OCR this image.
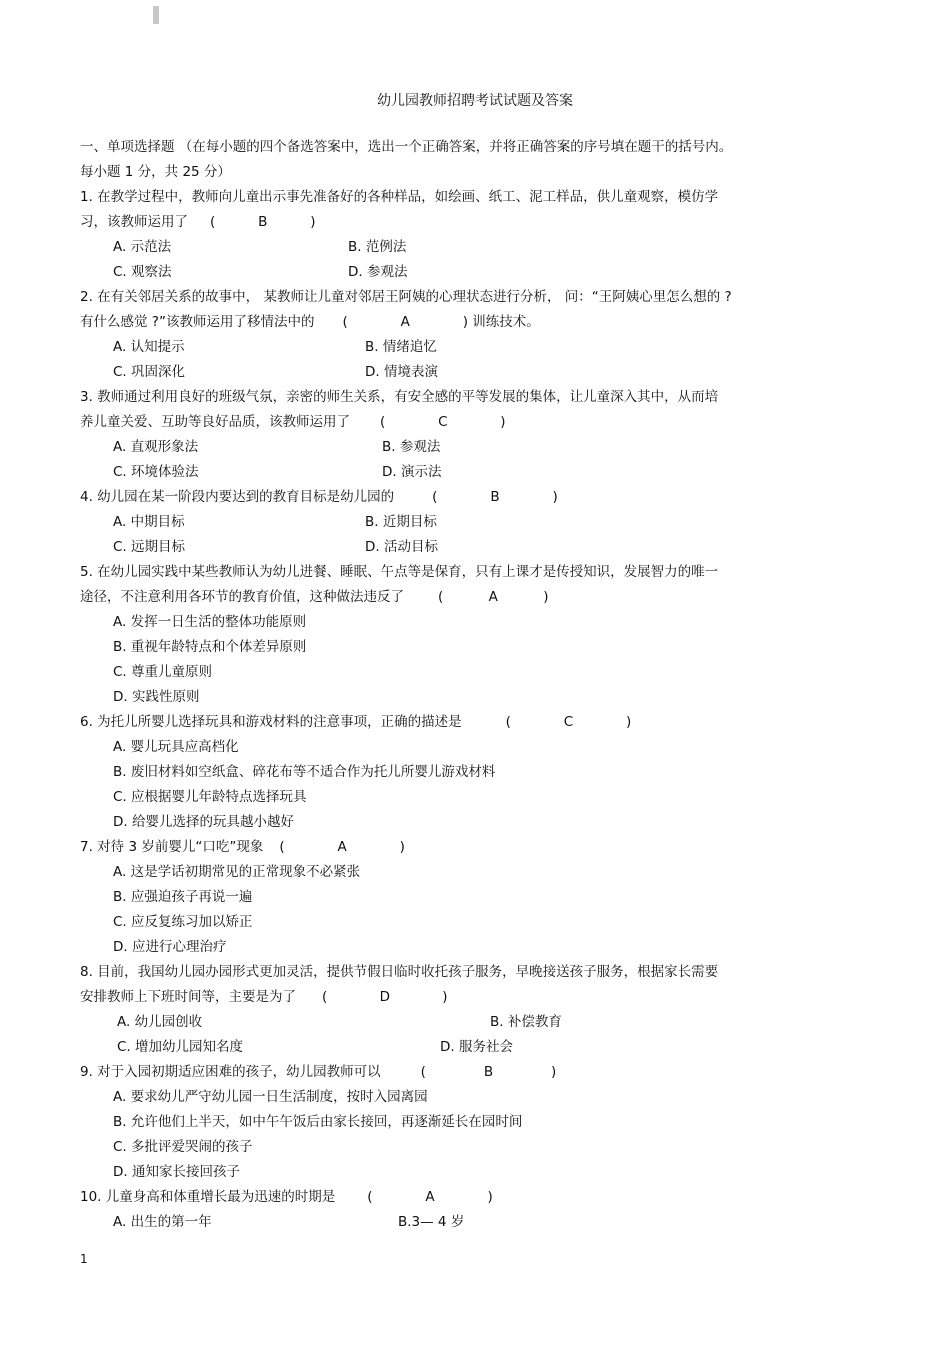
幼儿园教师招聘考试试题及答案
一、单项选择题 （在每小题的四个备选答案中，选出一个正确答案，并将正确答案的序号填在题干的括号内。
每小题 1 分，共 25 分）
1. 在教学过程中，教师向儿童出示事先准备好的各种样品，如绘画、纸工、泥工样品，供儿童观察，模仿学
习，该教师运用了 (	B	)
A. 示范法	B. 范例法
C. 观察法	D. 参观法
2. 在有关邻居关系的故事中， 某教师让儿童对邻居王阿姨的心理状态进行分析， 问：“王阿姨心里怎么想的 ?
有什么感觉 ?”该教师运用了移情法中的 (	A	) 训练技术。
A. 认知提示	B. 情绪追忆
C. 巩固深化	D. 情境表演
3. 教师通过利用良好的班级气氛，亲密的师生关系，有安全感的平等发展的集体，让儿童深入其中，从而培
养儿童关爱、互助等良好品质，该教师运用了 (	C	)
A. 直观形象法	B. 参观法
C. 环境体验法	D. 演示法
4. 幼儿园在某一阶段内要达到的教育目标是幼儿园的	(	B	)
A. 中期目标	B. 近期目标
C. 远期目标	D. 活动目标
5. 在幼儿园实践中某些教师认为幼儿进餐、睡眠、午点等是保育，只有上课才是传授知识，发展智力的唯一
途径，不注意利用各环节的教育价值，这种做法违反了	(	A	)
A. 发挥一日生活的整体功能原则
B. 重视年龄特点和个体差异原则
C. 尊重儿童原则
D. 实践性原则
6. 为托儿所婴儿选择玩具和游戏材料的注意事项，正确的描述是	(	C	)
A. 婴儿玩具应高档化
B. 废旧材料如空纸盒、碎花布等不适合作为托儿所婴儿游戏材料
C. 应根据婴儿年龄特点选择玩具
D. 给婴儿选择的玩具越小越好
7. 对待 3 岁前婴儿“口吃”现象 (	A	)
A. 这是学话初期常见的正常现象不必紧张
B. 应强迫孩子再说一遍
C. 应反复练习加以矫正
D. 应进行心理治疗
8. 目前，我国幼儿园办园形式更加灵活，提供节假日临时收托孩子服务，早晚接送孩子服务，根据家长需要
安排教师上下班时间等，主要是为了 (	D	)
A. 幼儿园创收	B. 补偿教育
C. 增加幼儿园知名度	D. 服务社会
9. 对于入园初期适应困难的孩子，幼儿园教师可以	(	B	)
A. 要求幼儿严守幼儿园一日生活制度，按时入园离园
B. 允许他们上半天，如中午午饭后由家长接回，再逐渐延长在园时间
C. 多批评爱哭闹的孩子
D. 通知家长接回孩子
10. 儿童身高和体重增长最为迅速的时期是 (	A	)
A. 出生的第一年	B.3— 4 岁
1
